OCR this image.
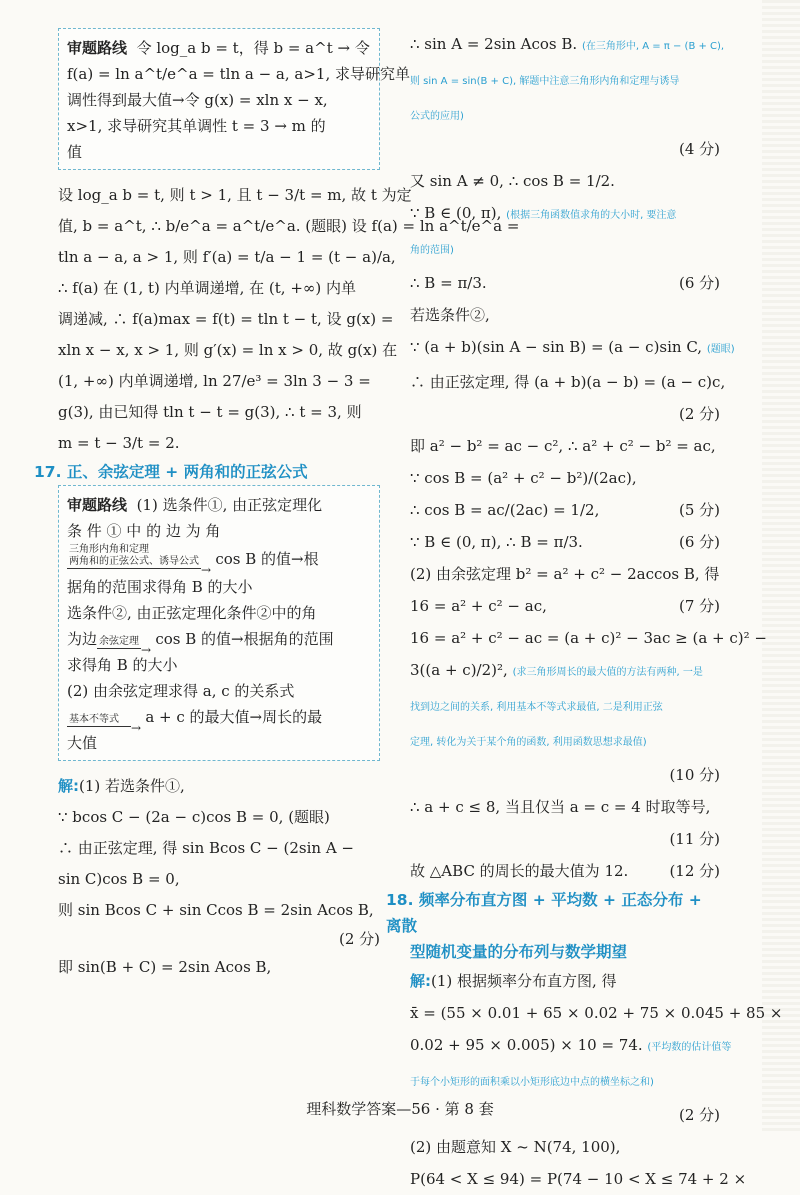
审题路线 令 log_a b = t，得 b = a^t → 令
f(a) = ln a^t/e^a = tln a − a, a>1, 求导研究单
调性得到最大值→令 g(x) = xln x − x,
x>1, 求导研究其单调性 t = 3 → m 的
值
设 log_a b = t, 则 t > 1, 且 t − 3/t = m, 故 t 为定
值, b = a^t, ∴ b/e^a = a^t/e^a. (题眼) 设 f(a) = ln a^t/e^a =
tln a − a, a > 1, 则 f′(a) = t/a − 1 = (t − a)/a,
∴ f(a) 在 (1, t) 内单调递增, 在 (t, +∞) 内单
调递减, ∴ f(a)max = f(t) = tln t − t, 设 g(x) =
xln x − x, x > 1, 则 g′(x) = ln x > 0, 故 g(x) 在
(1, +∞) 内单调递增, ln 27/e³ = 3ln 3 − 3 =
g(3), 由已知得 tln t − t = g(3), ∴ t = 3, 则
m = t − 3/t = 2.
17. 正、余弦定理 + 两角和的正弦公式
审题路线 (1) 选条件①, 由正弦定理化
条 件 ① 中 的 边 为 角
三角形内角和定理
两角和的正弦公式、诱导公式 → cos B 的值→根
据角的范围求得角 B 的大小
选条件②, 由正弦定理化条件②中的角
为边 余弦定理 → cos B 的值→根据角的范围
求得角 B 的大小
(2) 由余弦定理求得 a, c 的关系式
基本不等式 → a + c 的最大值→周长的最
大值
解:(1) 若选条件①,
∵ bcos C − (2a − c)cos B = 0, (题眼)
∴ 由正弦定理, 得 sin Bcos C − (2sin A −
sin C)cos B = 0,
则 sin Bcos C + sin Ccos B = 2sin Acos B,
(2 分)
即 sin(B + C) = 2sin Acos B,
∴ sin A = 2sin Acos B. (在三角形中, A = π − (B + C),
则 sin A = sin(B + C), 解题中注意三角形内角和定理与诱导
公式的应用)
(4 分)
又 sin A ≠ 0, ∴ cos B = 1/2.
∵ B ∈ (0, π), (根据三角函数值求角的大小时, 要注意
角的范围)
∴ B = π/3.	(6 分)
若选条件②,
∵ (a + b)(sin A − sin B) = (a − c)sin C, (题眼)
∴ 由正弦定理, 得 (a + b)(a − b) = (a − c)c,
(2 分)
即 a² − b² = ac − c², ∴ a² + c² − b² = ac,
∵ cos B = (a² + c² − b²)/(2ac),
∴ cos B = ac/(2ac) = 1/2,	(5 分)
∵ B ∈ (0, π), ∴ B = π/3.	(6 分)
(2) 由余弦定理 b² = a² + c² − 2accos B, 得
16 = a² + c² − ac,	(7 分)
16 = a² + c² − ac = (a + c)² − 3ac ≥ (a + c)² −
3((a + c)/2)², (求三角形周长的最大值的方法有两种, 一是
找到边之间的关系, 利用基本不等式求最值, 二是利用正弦
定理, 转化为关于某个角的函数, 利用函数思想求最值)
(10 分)
∴ a + c ≤ 8, 当且仅当 a = c = 4 时取等号,
(11 分)
故 △ABC 的周长的最大值为 12.	(12 分)
18. 频率分布直方图 + 平均数 + 正态分布 + 离散
型随机变量的分布列与数学期望
解:(1) 根据频率分布直方图, 得
x̄ = (55 × 0.01 + 65 × 0.02 + 75 × 0.045 + 85 ×
0.02 + 95 × 0.005) × 10 = 74. (平均数的估计值等
于每个小矩形的面积乘以小矩形底边中点的横坐标之和)
(2 分)
(2) 由题意知 X ~ N(74, 100),
P(64 < X ≤ 94) = P(74 − 10 < X ≤ 74 + 2 ×
理科数学答案—56 · 第 8 套
